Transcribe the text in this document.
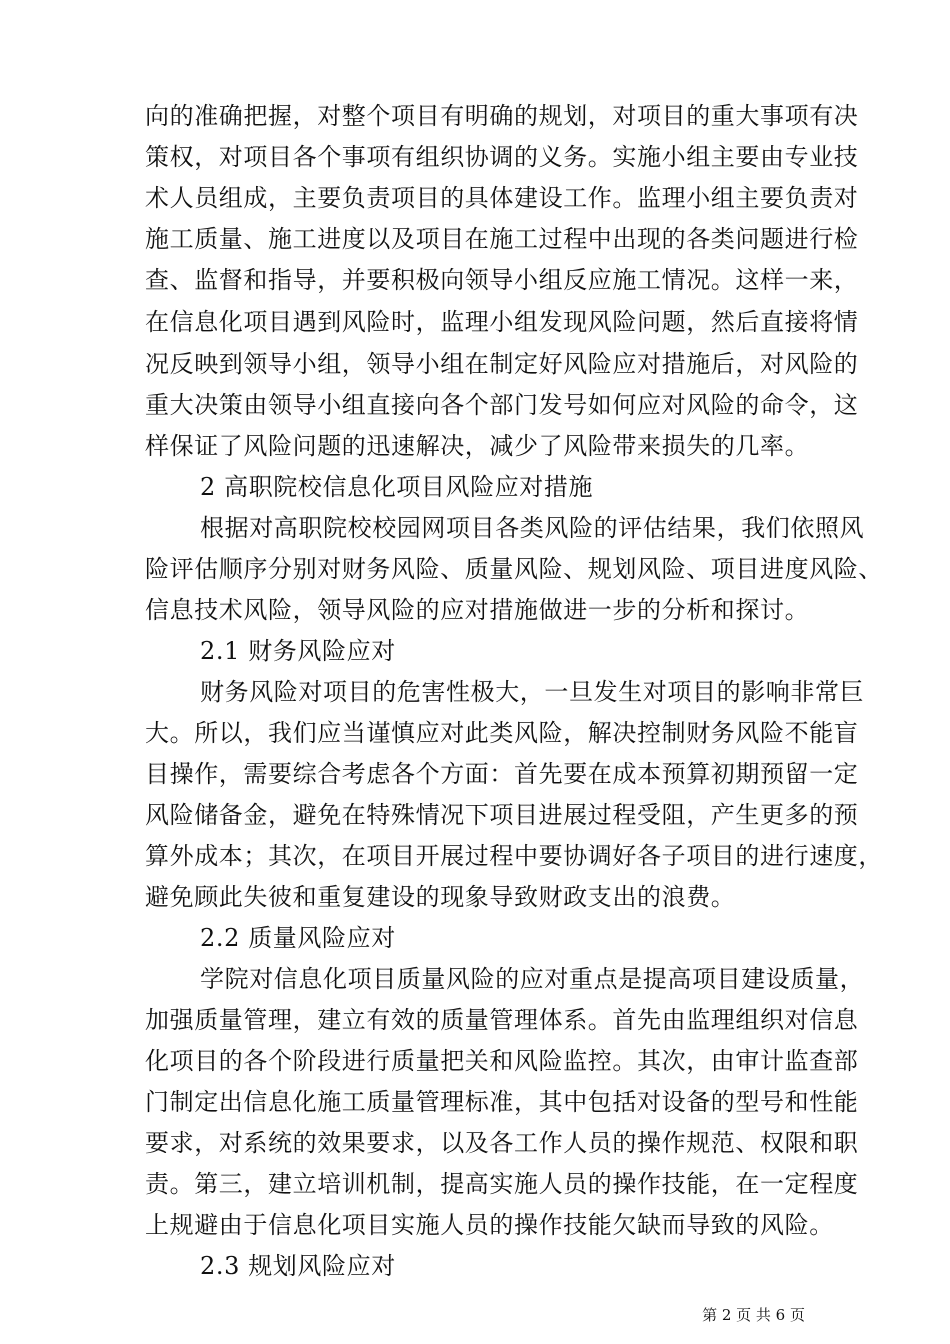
向的准确把握，对整个项目有明确的规划，对项目的重大事项有决
策权，对项目各个事项有组织协调的义务。实施小组主要由专业技
术人员组成，主要负责项目的具体建设工作。监理小组主要负责对
施工质量、施工进度以及项目在施工过程中出现的各类问题进行检
查、监督和指导，并要积极向领导小组反应施工情况。这样一来，
在信息化项目遇到风险时，监理小组发现风险问题，然后直接将情
况反映到领导小组，领导小组在制定好风险应对措施后，对风险的
重大决策由领导小组直接向各个部门发号如何应对风险的命令，这
样保证了风险问题的迅速解决，减少了风险带来损失的几率。
2 高职院校信息化项目风险应对措施
根据对高职院校校园网项目各类风险的评估结果，我们依照风
险评估顺序分别对财务风险、质量风险、规划风险、项目进度风险、
信息技术风险，领导风险的应对措施做进一步的分析和探讨。
2.1 财务风险应对
财务风险对项目的危害性极大，一旦发生对项目的影响非常巨
大。所以，我们应当谨慎应对此类风险，解决控制财务风险不能盲
目操作，需要综合考虑各个方面：首先要在成本预算初期预留一定
风险储备金，避免在特殊情况下项目进展过程受阻，产生更多的预
算外成本；其次，在项目开展过程中要协调好各子项目的进行速度，
避免顾此失彼和重复建设的现象导致财政支出的浪费。
2.2 质量风险应对
学院对信息化项目质量风险的应对重点是提高项目建设质量，
加强质量管理，建立有效的质量管理体系。首先由监理组织对信息
化项目的各个阶段进行质量把关和风险监控。其次，由审计监查部
门制定出信息化施工质量管理标准，其中包括对设备的型号和性能
要求，对系统的效果要求，以及各工作人员的操作规范、权限和职
责。第三，建立培训机制，提高实施人员的操作技能，在一定程度
上规避由于信息化项目实施人员的操作技能欠缺而导致的风险。
2.3 规划风险应对
第 2 页 共 6 页
